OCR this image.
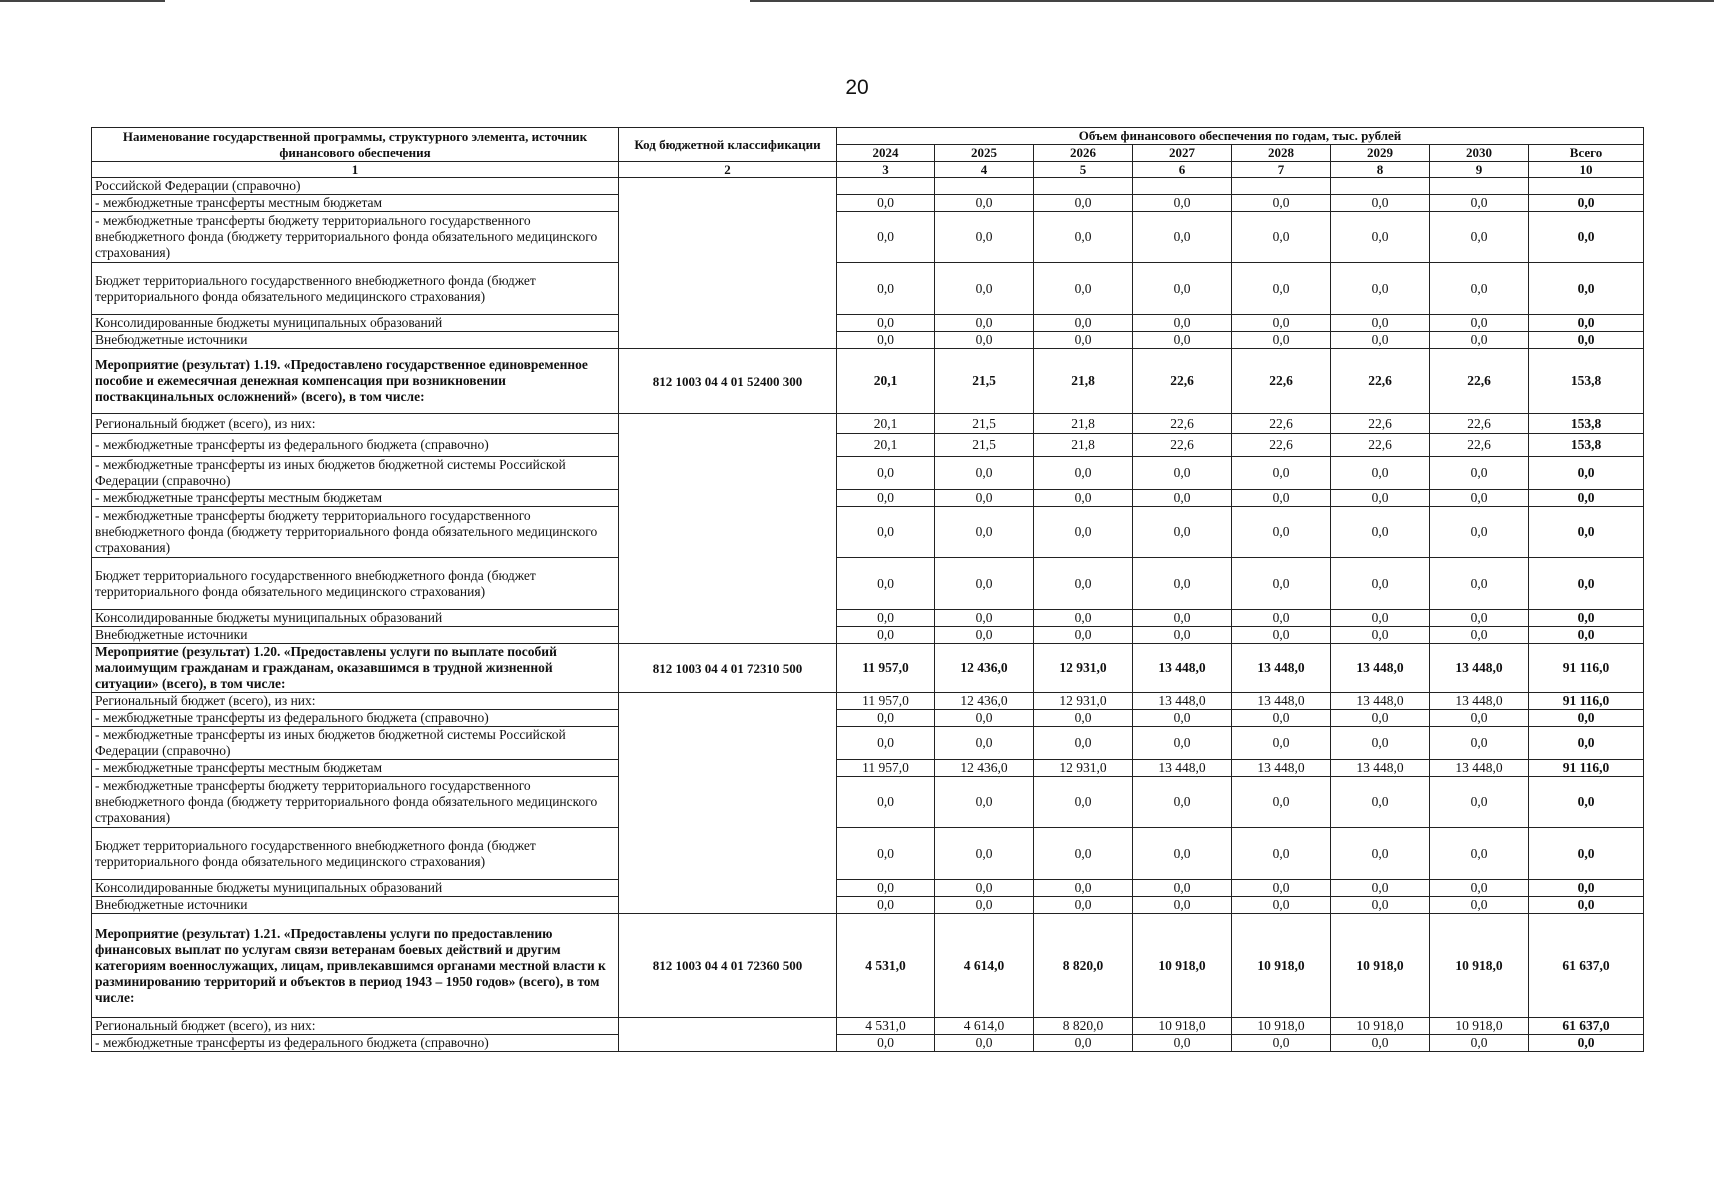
20
Наименование государственной программы, структурного элемента, источник финансового обеспечения	Код бюджетной классификации	Объем финансового обеспечения по годам, тыс. рублей							
		2024	2025	2026	2027	2028	2029	2030	Всего
1	2	3	4	5	6	7	8	9	10
Российской Федерации (справочно)									
- межбюджетные трансферты местным бюджетам		0,0	0,0	0,0	0,0	0,0	0,0	0,0	0,0
- межбюджетные трансферты бюджету территориального государственного внебюджетного фонда (бюджету территориального фонда обязательного медицинского страхования)		0,0	0,0	0,0	0,0	0,0	0,0	0,0	0,0
Бюджет территориального государственного внебюджетного фонда (бюджет территориального фонда обязательного медицинского страхования)		0,0	0,0	0,0	0,0	0,0	0,0	0,0	0,0
Консолидированные бюджеты муниципальных образований		0,0	0,0	0,0	0,0	0,0	0,0	0,0	0,0
Внебюджетные источники		0,0	0,0	0,0	0,0	0,0	0,0	0,0	0,0
Мероприятие (результат) 1.19. «Предоставлено государственное единовременное пособие и ежемесячная денежная компенсация при возникновении поствакцинальных осложнений» (всего), в том числе:	812 1003 04 4 01 52400 300	20,1	21,5	21,8	22,6	22,6	22,6	22,6	153,8
Региональный бюджет (всего), из них:		20,1	21,5	21,8	22,6	22,6	22,6	22,6	153,8
- межбюджетные трансферты из федерального бюджета (справочно)		20,1	21,5	21,8	22,6	22,6	22,6	22,6	153,8
- межбюджетные трансферты из иных бюджетов бюджетной системы Российской Федерации (справочно)		0,0	0,0	0,0	0,0	0,0	0,0	0,0	0,0
- межбюджетные трансферты местным бюджетам		0,0	0,0	0,0	0,0	0,0	0,0	0,0	0,0
- межбюджетные трансферты бюджету территориального государственного внебюджетного фонда (бюджету территориального фонда обязательного медицинского страхования)		0,0	0,0	0,0	0,0	0,0	0,0	0,0	0,0
Бюджет территориального государственного внебюджетного фонда (бюджет территориального фонда обязательного медицинского страхования)		0,0	0,0	0,0	0,0	0,0	0,0	0,0	0,0
Консолидированные бюджеты муниципальных образований		0,0	0,0	0,0	0,0	0,0	0,0	0,0	0,0
Внебюджетные источники		0,0	0,0	0,0	0,0	0,0	0,0	0,0	0,0
Мероприятие (результат) 1.20. «Предоставлены услуги по выплате пособий малоимущим гражданам и гражданам, оказавшимся в трудной жизненной ситуации» (всего), в том числе:	812 1003 04 4 01 72310 500	11 957,0	12 436,0	12 931,0	13 448,0	13 448,0	13 448,0	13 448,0	91 116,0
Региональный бюджет (всего), из них:		11 957,0	12 436,0	12 931,0	13 448,0	13 448,0	13 448,0	13 448,0	91 116,0
- межбюджетные трансферты из федерального бюджета (справочно)		0,0	0,0	0,0	0,0	0,0	0,0	0,0	0,0
- межбюджетные трансферты из иных бюджетов бюджетной системы Российской Федерации (справочно)		0,0	0,0	0,0	0,0	0,0	0,0	0,0	0,0
- межбюджетные трансферты местным бюджетам		11 957,0	12 436,0	12 931,0	13 448,0	13 448,0	13 448,0	13 448,0	91 116,0
- межбюджетные трансферты бюджету территориального государственного внебюджетного фонда (бюджету территориального фонда обязательного медицинского страхования)		0,0	0,0	0,0	0,0	0,0	0,0	0,0	0,0
Бюджет территориального государственного внебюджетного фонда (бюджет территориального фонда обязательного медицинского страхования)		0,0	0,0	0,0	0,0	0,0	0,0	0,0	0,0
Консолидированные бюджеты муниципальных образований		0,0	0,0	0,0	0,0	0,0	0,0	0,0	0,0
Внебюджетные источники		0,0	0,0	0,0	0,0	0,0	0,0	0,0	0,0
Мероприятие (результат) 1.21. «Предоставлены услуги по предоставлению финансовых выплат по услугам связи ветеранам боевых действий и другим категориям военнослужащих, лицам, привлекавшимся органами местной власти к разминированию территорий и объектов в период 1943 – 1950 годов» (всего), в том числе:	812 1003 04 4 01 72360 500	4 531,0	4 614,0	8 820,0	10 918,0	10 918,0	10 918,0	10 918,0	61 637,0
Региональный бюджет (всего), из них:		4 531,0	4 614,0	8 820,0	10 918,0	10 918,0	10 918,0	10 918,0	61 637,0
- межбюджетные трансферты из федерального бюджета (справочно)		0,0	0,0	0,0	0,0	0,0	0,0	0,0	0,0
